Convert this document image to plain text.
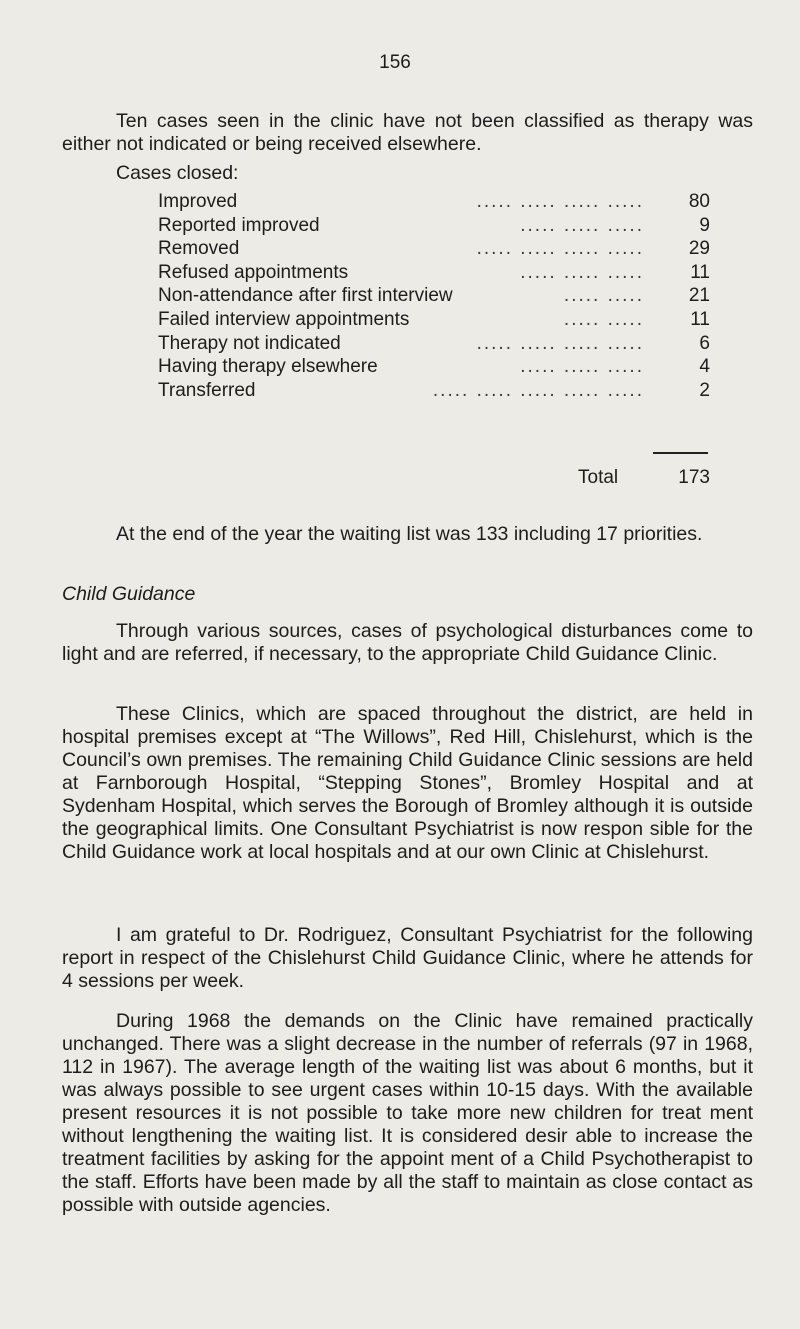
156
Ten cases seen in the clinic have not been classified as therapy was either not indicated or being received elsewhere.
Cases closed:
Improved	..... ..... ..... .....	80
Reported improved	..... ..... .....	9
Removed	..... ..... ..... .....	29
Refused appointments	..... ..... .....	11
Non-attendance after first interview	..... .....	21
Failed interview appointments	..... .....	11
Therapy not indicated	..... ..... ..... .....	6
Having therapy elsewhere	..... ..... .....	4
Transferred	..... ..... ..... ..... .....	2
Total	173
At the end of the year the waiting list was 133 including 17 priorities.
Child Guidance
Through various sources, cases of psychological disturbances come to light and are referred, if necessary, to the appropriate Child Guidance Clinic.
These Clinics, which are spaced throughout the district, are held in hospital premises except at “The Willows”, Red Hill, Chislehurst, which is the Council’s own premises. The remaining Child Guidance Clinic sessions are held at Farnborough Hospital, “Stepping Stones”, Bromley Hospital and at Sydenham Hospital, which serves the Borough of Bromley although it is outside the geographical limits. One Consultant Psychiatrist is now respon sible for the Child Guidance work at local hospitals and at our own Clinic at Chislehurst.
I am grateful to Dr. Rodriguez, Consultant Psychiatrist for the following report in respect of the Chislehurst Child Guidance Clinic, where he attends for 4 sessions per week.
During 1968 the demands on the Clinic have remained practically unchanged. There was a slight decrease in the number of referrals (97 in 1968, 112 in 1967). The average length of the waiting list was about 6 months, but it was always possible to see urgent cases within 10-15 days. With the available present resources it is not possible to take more new children for treat ment without lengthening the waiting list. It is considered desir able to increase the treatment facilities by asking for the appoint ment of a Child Psychotherapist to the staff. Efforts have been made by all the staff to maintain as close contact as possible with outside agencies.
